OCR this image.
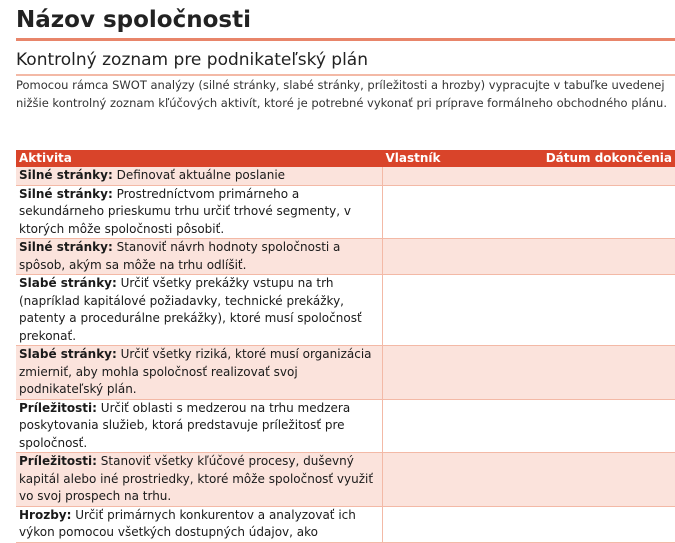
Názov spoločnosti
Kontrolný zoznam pre podnikateľský plán

Pomocou rámca SWOT analýzy (silné stránky, slabé stránky, príležitosti a hrozby) vypracujte v tabuľke uvedenej nižšie kontrolný zoznam kľúčových aktivít, ktoré je potrebné vykonať pri príprave formálneho obchodného plánu.

Aktivita	Vlastník	Dátum dokončenia
Silné stránky: Definovať aktuálne poslanie		
Silné stránky: Prostredníctvom primárneho a sekundárneho prieskumu trhu určiť trhové segmenty, v ktorých môže spoločnosti pôsobiť.		
Silné stránky: Stanoviť návrh hodnoty spoločnosti a spôsob, akým sa môže na trhu odlíšiť.		
Slabé stránky: Určiť všetky prekážky vstupu na trh (napríklad kapitálové požiadavky, technické prekážky, patenty a procedurálne prekážky), ktoré musí spoločnosť prekonať.		
Slabé stránky: Určiť všetky riziká, ktoré musí organizácia zmierniť, aby mohla spoločnosť realizovať svoj podnikateľský plán.		
Príležitosti: Určiť oblasti s medzerou na trhu medzera poskytovania služieb, ktorá predstavuje príležitosť pre spoločnosť.		
Príležitosti: Stanoviť všetky kľúčové procesy, duševný kapitál alebo iné prostriedky, ktoré môže spoločnosť využiť vo svoj prospech na trhu.		
Hrozby: Určiť primárnych konkurentov a analyzovať ich výkon pomocou všetkých dostupných údajov, ako		
